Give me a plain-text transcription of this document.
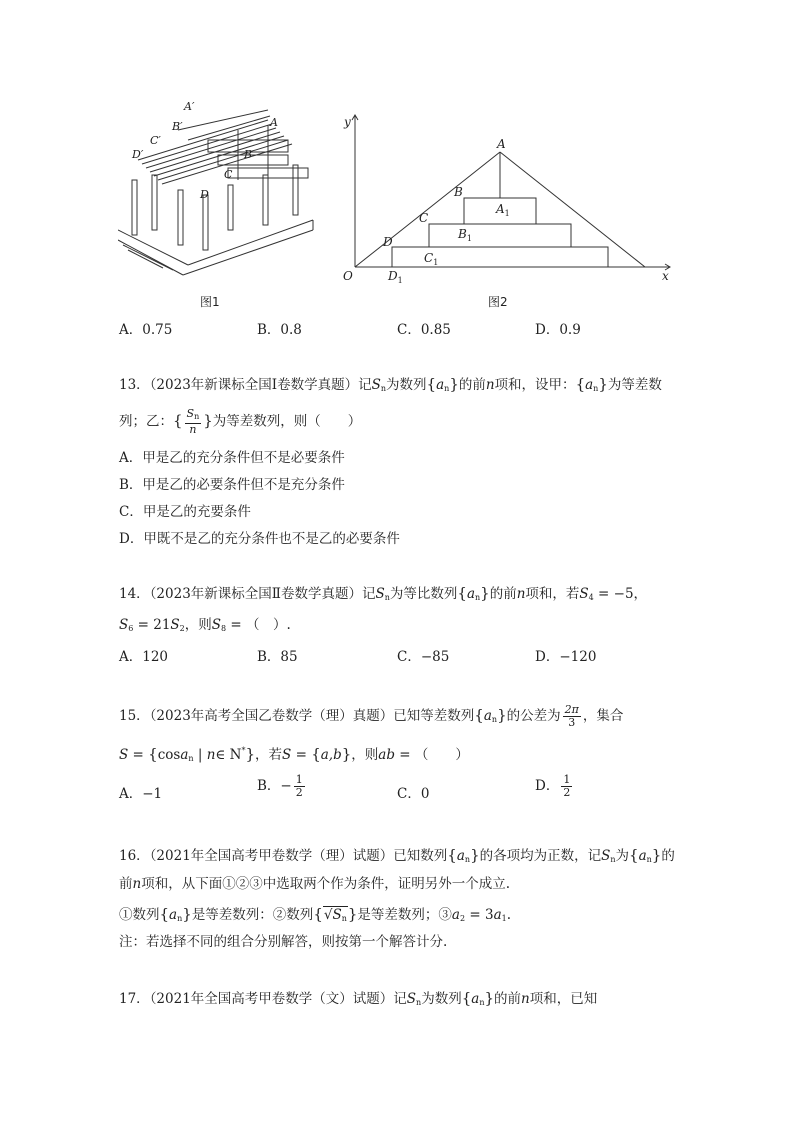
A′
B′
C′
D′
A
B
C
D
图1
y
x
O
A
B
C
D
$A_1$
$B_1$
$C_1$
$D_1$
图2
A．0.75	B．0.8	C．0.85	D．0.9
13．（2023年新课标全国Ⅰ卷数学真题）记$S_n$为数列$\{a_n\}$的前n项和，设甲：$\{a_n\}$为等差数
列；乙：{ $\frac{S_n}{n}$ }为等差数列，则（　　）
A．甲是乙的充分条件但不是必要条件
B．甲是乙的必要条件但不是充分条件
C．甲是乙的充要条件
D．甲既不是乙的充分条件也不是乙的必要条件
14．（2023年新课标全国Ⅱ卷数学真题）记$S_n$为等比数列$\{a_n\}$的前n项和，若$S_4 = -5$，
$S_6 = 21S_2$，则$S_8$ = （　）.
A．120	B．85	C．−85	D．−120
15．（2023年高考全国乙卷数学（理）真题）已知等差数列$\{a_n\}$的公差为 $\frac{2\pi}{3}$ ，集合
S = {cosa$_n$ | n∈ N*}，若S = {a,b}，则ab = （　　）
A．−1	B．− $\frac{1}{2}$	C．0	D． $\frac{1}{2}$
16．（2021年全国高考甲卷数学（理）试题）已知数列$\{a_n\}$的各项均为正数，记$S_n$为$\{a_n\}$的
前n项和，从下面①②③中选取两个作为条件，证明另外一个成立.
①数列$\{a_n\}$是等差数列：②数列$\{√S_n\}$是等差数列；$③a_2 = 3a_1$.
注：若选择不同的组合分别解答，则按第一个解答计分.
17．（2021年全国高考甲卷数学（文）试题）记$S_n$为数列$\{a_n\}$的前n项和，已知
